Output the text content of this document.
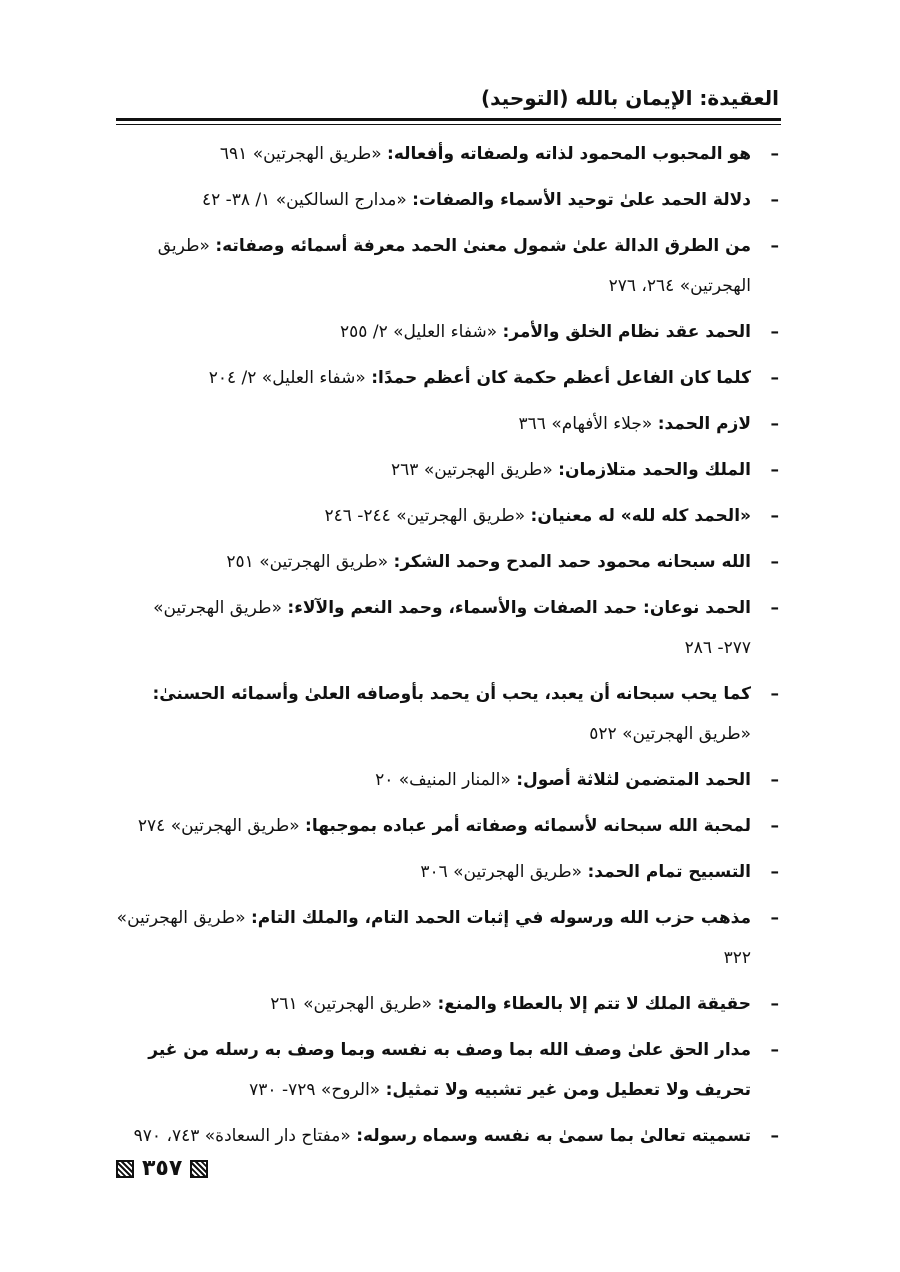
العقيدة: الإيمان بالله (التوحيد)
–
هو المحبوب المحمود لذاته ولصفاته وأفعاله: «طريق الهجرتين» ٦٩١
–
دلالة الحمد علىٰ توحيد الأسماء والصفات: «مدارج السالكين» ١/ ٣٨- ٤٢
–
من الطرق الدالة علىٰ شمول معنىٰ الحمد معرفة أسمائه وصفاته: «طريق الهجرتين» ٢٦٤، ٢٧٦
–
الحمد عقد نظام الخلق والأمر: «شفاء العليل» ٢/ ٢٥٥
–
كلما كان الفاعل أعظم حكمة كان أعظم حمدًا: «شفاء العليل» ٢/ ٢٠٤
–
لازم الحمد: «جلاء الأفهام» ٣٦٦
–
الملك والحمد متلازمان: «طريق الهجرتين» ٢٦٣
–
«الحمد كله لله» له معنيان: «طريق الهجرتين» ٢٤٤- ٢٤٦
–
الله سبحانه محمود حمد المدح وحمد الشكر: «طريق الهجرتين» ٢٥١
–
الحمد نوعان: حمد الصفات والأسماء، وحمد النعم والآلاء: «طريق الهجرتين» ٢٧٧- ٢٨٦
–
كما يحب سبحانه أن يعبد، يحب أن يحمد بأوصافه العلىٰ وأسمائه الحسنىٰ: «طريق الهجرتين» ٥٢٢
–
الحمد المتضمن لثلاثة أصول: «المنار المنيف» ٢٠
–
لمحبة الله سبحانه لأسمائه وصفاته أمر عباده بموجبها: «طريق الهجرتين» ٢٧٤
–
التسبيح تمام الحمد: «طريق الهجرتين» ٣٠٦
–
مذهب حزب الله ورسوله في إثبات الحمد التام، والملك التام: «طريق الهجرتين» ٣٢٢
–
حقيقة الملك لا تتم إلا بالعطاء والمنع: «طريق الهجرتين» ٢٦١
–
مدار الحق علىٰ وصف الله بما وصف به نفسه وبما وصف به رسله من غير تحريف ولا تعطيل ومن غير تشبيه ولا تمثيل: «الروح» ٧٢٩- ٧٣٠
–
تسميته تعالىٰ بما سمىٰ به نفسه وسماه رسوله: «مفتاح دار السعادة» ٧٤٣، ٩٧٠
٣٥٧
